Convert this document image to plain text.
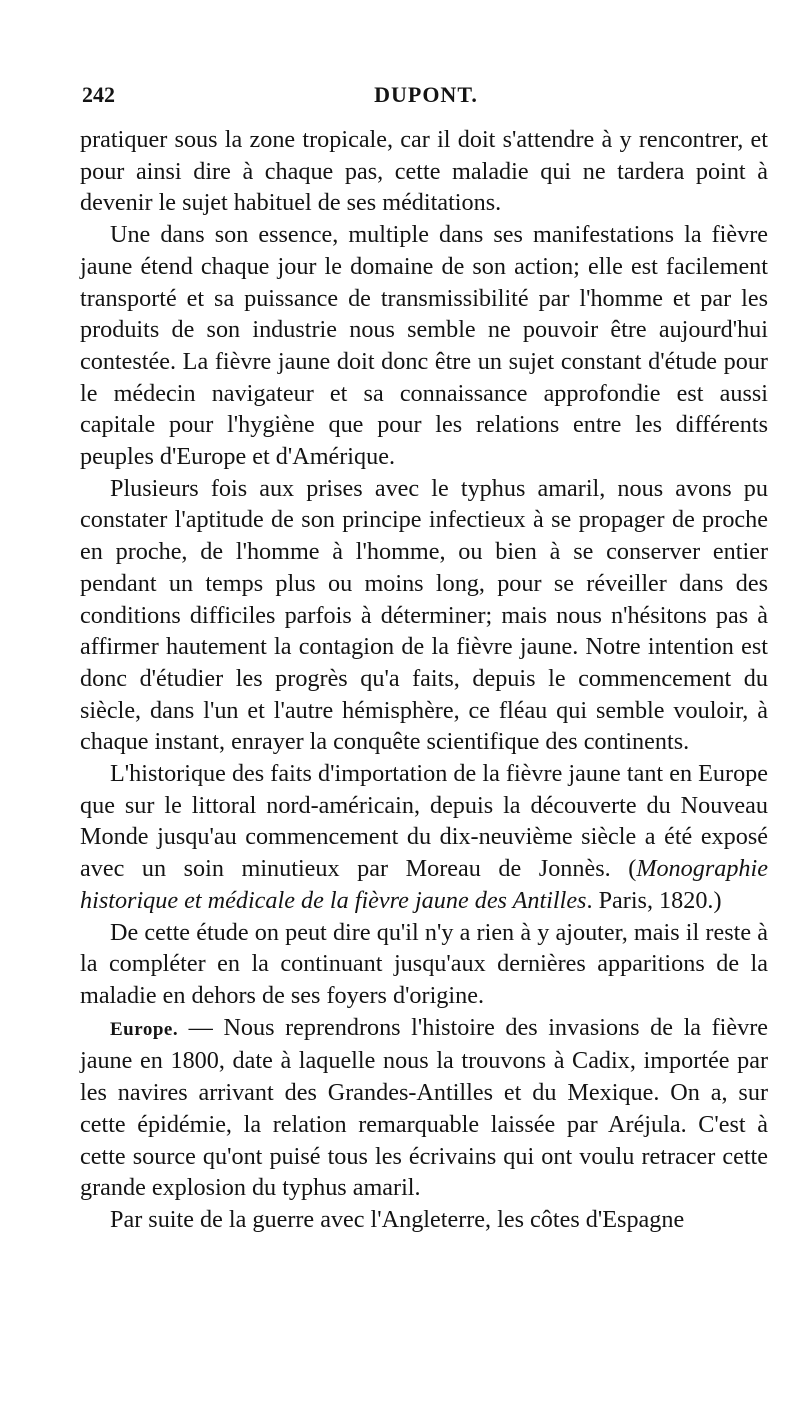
242	DUPONT.

pratiquer sous la zone tropicale, car il doit s'attendre à y rencontrer, et pour ainsi dire à chaque pas, cette maladie qui ne tardera point à devenir le sujet habituel de ses méditations.

Une dans son essence, multiple dans ses manifestations la fièvre jaune étend chaque jour le domaine de son action; elle est facilement transporté et sa puissance de transmissibilité par l'homme et par les produits de son industrie nous semble ne pouvoir être aujourd'hui contestée. La fièvre jaune doit donc être un sujet constant d'étude pour le médecin navigateur et sa connaissance approfondie est aussi capitale pour l'hygiène que pour les relations entre les différents peuples d'Europe et d'Amérique.

Plusieurs fois aux prises avec le typhus amaril, nous avons pu constater l'aptitude de son principe infectieux à se propager de proche en proche, de l'homme à l'homme, ou bien à se conserver entier pendant un temps plus ou moins long, pour se réveiller dans des conditions difficiles parfois à déterminer; mais nous n'hésitons pas à affirmer hautement la contagion de la fièvre jaune. Notre intention est donc d'étudier les progrès qu'a faits, depuis le commencement du siècle, dans l'un et l'autre hémisphère, ce fléau qui semble vouloir, à chaque instant, enrayer la conquête scientifique des continents.

L'historique des faits d'importation de la fièvre jaune tant en Europe que sur le littoral nord-américain, depuis la découverte du Nouveau Monde jusqu'au commencement du dix-neuvième siècle a été exposé avec un soin minutieux par Moreau de Jonnès. (Monographie historique et médicale de la fièvre jaune des Antilles. Paris, 1820.)

De cette étude on peut dire qu'il n'y a rien à y ajouter, mais il reste à la compléter en la continuant jusqu'aux dernières apparitions de la maladie en dehors de ses foyers d'origine.

Europe. — Nous reprendrons l'histoire des invasions de la fièvre jaune en 1800, date à laquelle nous la trouvons à Cadix, importée par les navires arrivant des Grandes-Antilles et du Mexique. On a, sur cette épidémie, la relation remarquable laissée par Aréjula. C'est à cette source qu'ont puisé tous les écrivains qui ont voulu retracer cette grande explosion du typhus amaril.

Par suite de la guerre avec l'Angleterre, les côtes d'Espagne
